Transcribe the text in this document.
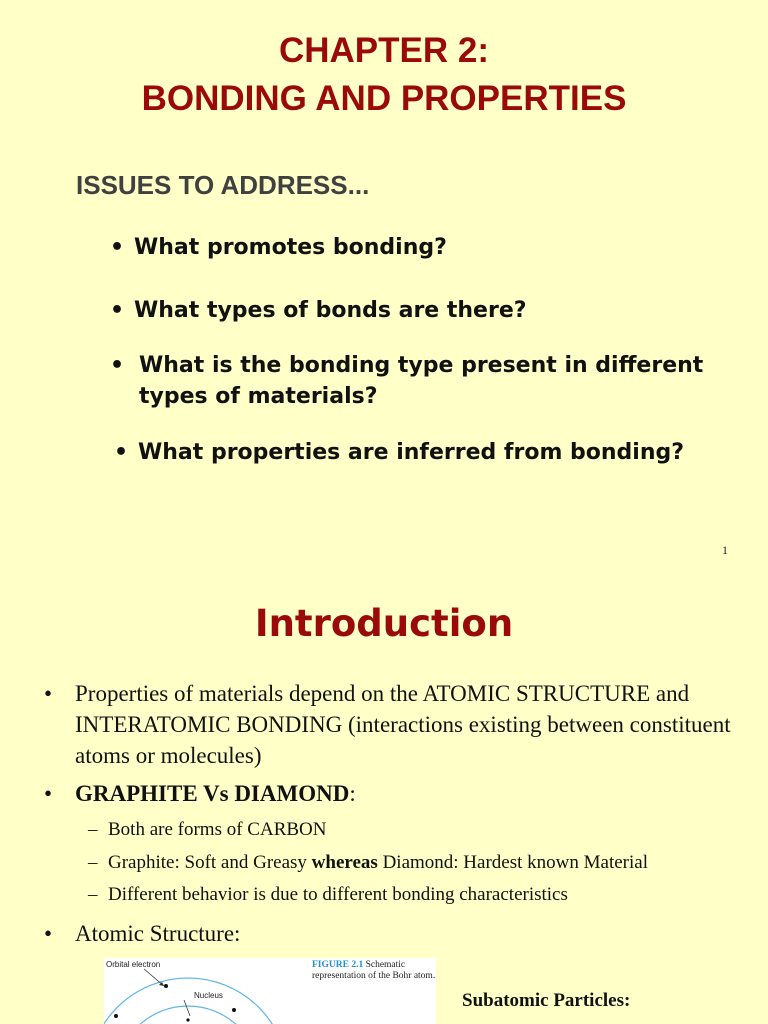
CHAPTER 2:
BONDING AND PROPERTIES
ISSUES TO ADDRESS...
• What promotes bonding?
• What types of bonds are there?
• What is the bonding type present in different types of materials?
• What properties are inferred from bonding?
1
Introduction
• Properties of materials depend on the ATOMIC STRUCTURE and INTERATOMIC BONDING (interactions existing between constituent atoms or molecules)
• GRAPHITE Vs DIAMOND:
– Both are forms of CARBON
– Graphite: Soft and Greasy whereas Diamond: Hardest known Material
– Different behavior is due to different bonding characteristics
• Atomic Structure:
Orbital electron
Nucleus
FIGURE 2.1 Schematic representation of the Bohr atom.
Subatomic Particles:
